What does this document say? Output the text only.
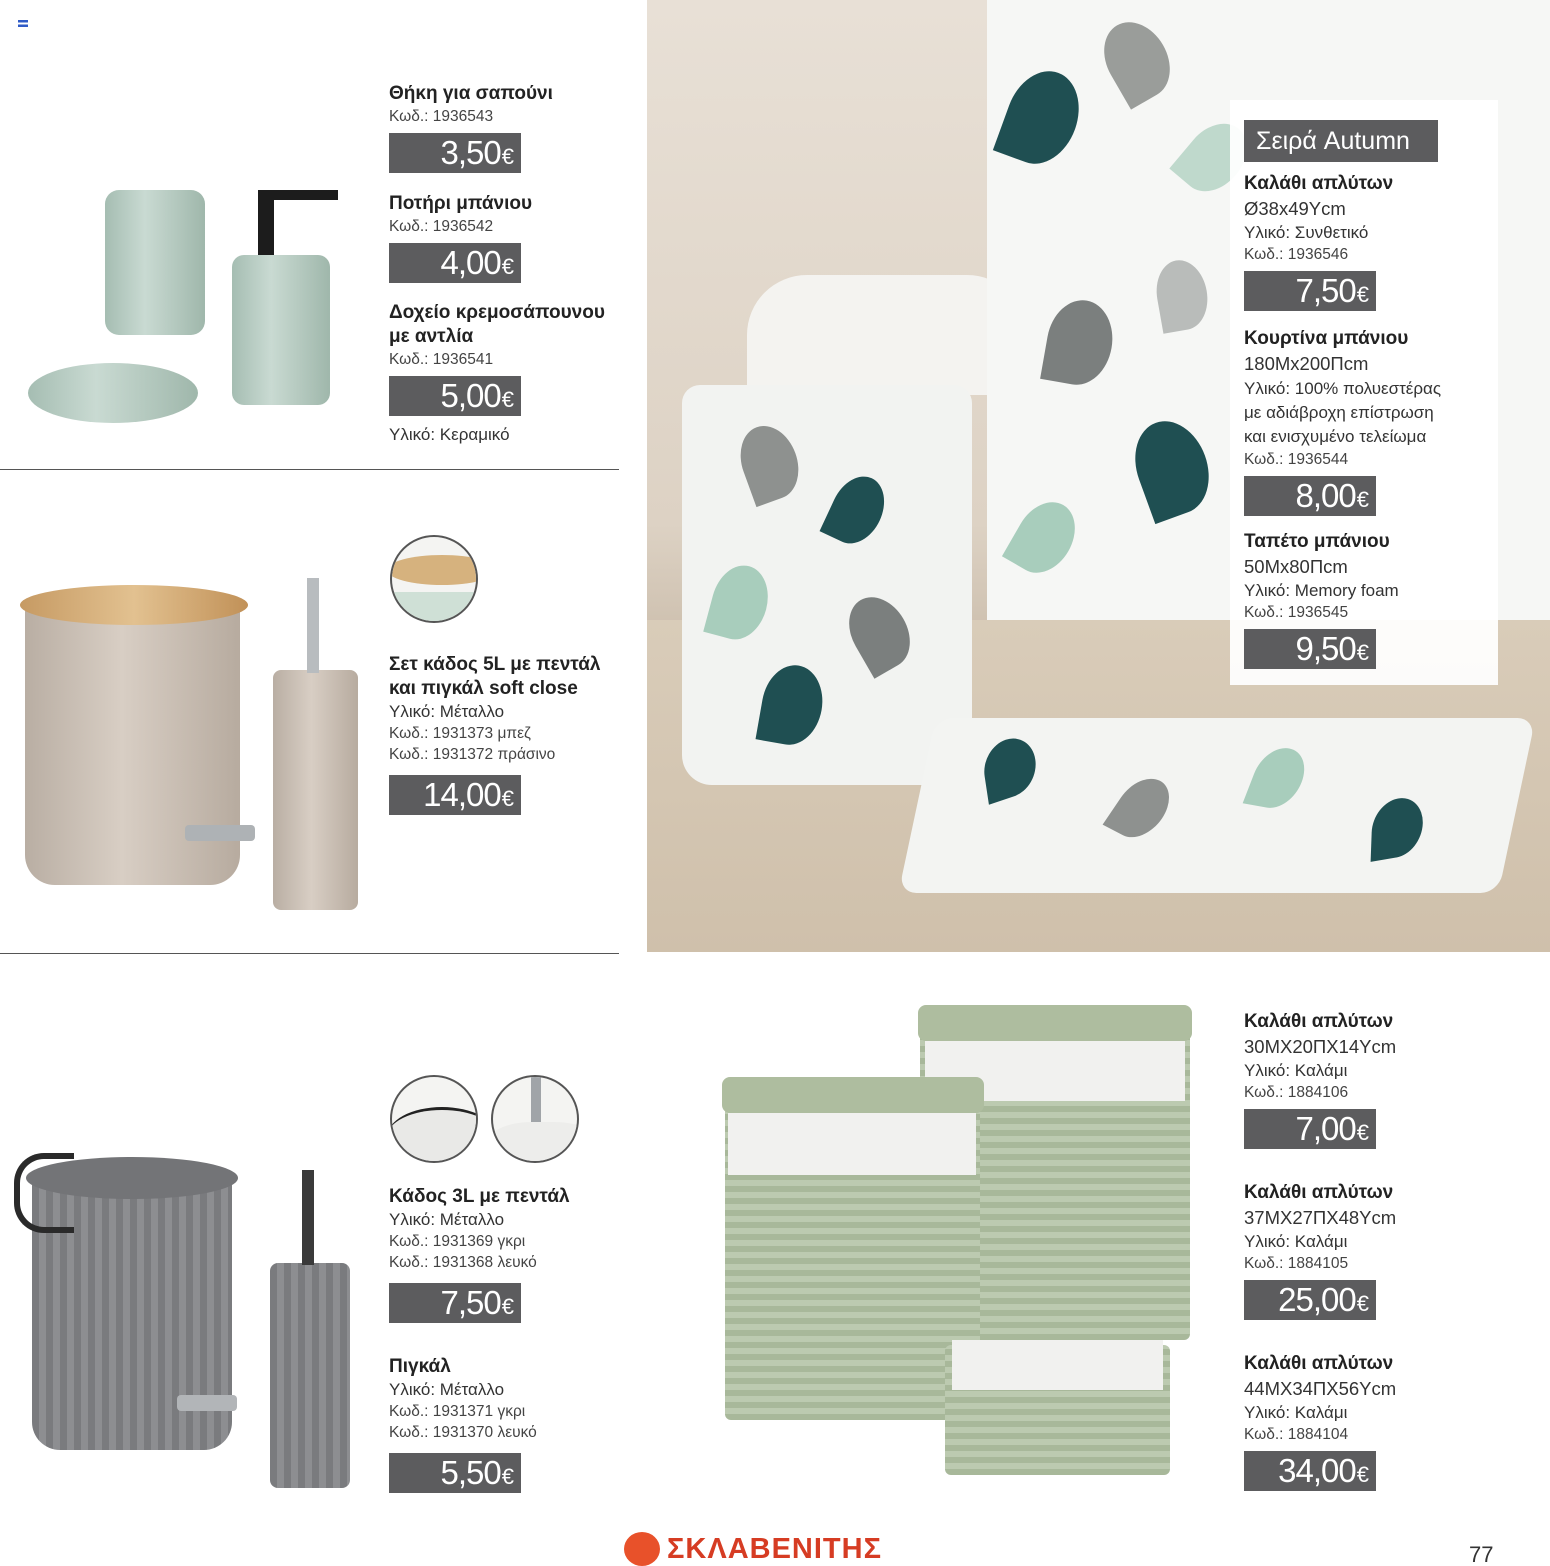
Θήκη για σαπούνι
Κωδ.: 1936543
3,50€
Ποτήρι μπάνιου
Κωδ.: 1936542
4,00€
Δοχείο κρεμοσάπουνου
με αντλία
Κωδ.: 1936541
5,00€
Υλικό: Κεραμικό
Σετ κάδος 5L με πεντάλ
και πιγκάλ soft close
Υλικό: Μέταλλο
Κωδ.: 1931373 μπεζ
Κωδ.: 1931372 πράσινο
14,00€
Σειρά Autumn
Καλάθι απλύτων
Ø38x49Ycm
Υλικό: Συνθετικό
Κωδ.: 1936546
7,50€
Κουρτίνα μπάνιου
180Mx200Πcm
Υλικό: 100% πολυεστέρας
με αδιάβροχη επίστρωση
και ενισχυμένο τελείωμα
Κωδ.: 1936544
8,00€
Ταπέτο μπάνιου
50Mx80Πcm
Υλικό: Memory foam
Κωδ.: 1936545
9,50€
Κάδος 3L με πεντάλ
Υλικό: Μέταλλο
Κωδ.: 1931369 γκρι
Κωδ.: 1931368 λευκό
7,50€
Πιγκάλ
Υλικό: Μέταλλο
Κωδ.: 1931371 γκρι
Κωδ.: 1931370 λευκό
5,50€
Καλάθι απλύτων
30MX20ΠX14Ycm
Υλικό: Καλάμι
Κωδ.: 1884106
7,00€
Καλάθι απλύτων
37MX27ΠX48Ycm
Υλικό: Καλάμι
Κωδ.: 1884105
25,00€
Καλάθι απλύτων
44MX34ΠX56Ycm
Υλικό: Καλάμι
Κωδ.: 1884104
34,00€
ΣΚΛΑΒΕΝΙΤΗΣ	77
